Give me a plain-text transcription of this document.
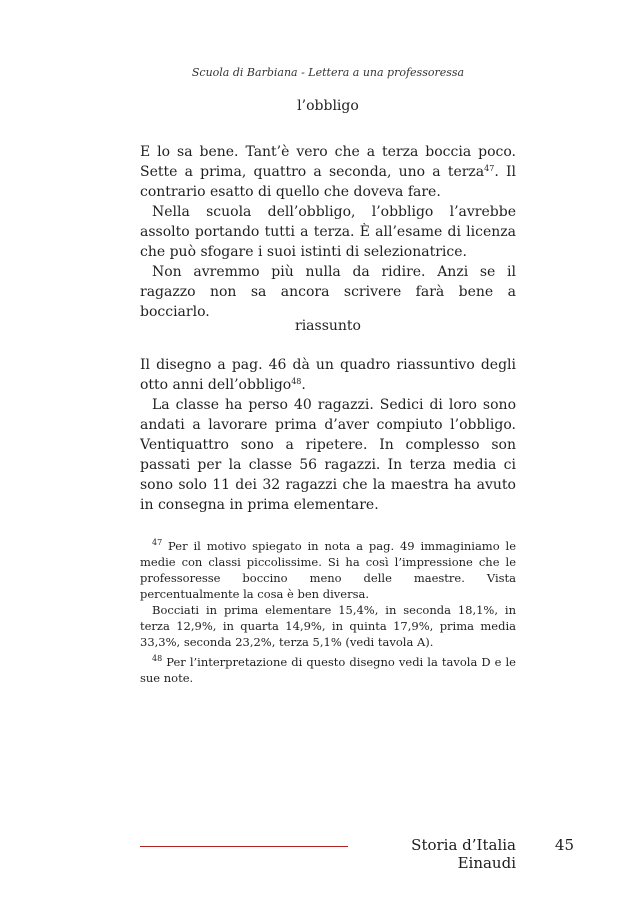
Scuola di Barbiana - Lettera a una professoressa
l’obbligo

E lo sa bene. Tant’è vero che a terza boccia poco. Sette a prima, quattro a seconda, uno a terza$^{47}$. Il contrario esatto di quello che doveva fare.

Nella scuola dell’obbligo, l’obbligo l’avrebbe assolto portando tutti a terza. È all’esame di licenza che può sfogare i suoi istinti di selezionatrice.

Non avremmo più nulla da ridire. Anzi se il ragazzo non sa ancora scrivere farà bene a bocciarlo.

riassunto

Il disegno a pag. 46 dà un quadro riassuntivo degli otto anni dell’obbligo$^{48}$.

La classe ha perso 40 ragazzi. Sedici di loro sono andati a lavorare prima d’aver compiuto l’obbligo. Ventiquattro sono a ripetere. In complesso son passati per la classe 56 ragazzi. In terza media ci sono solo 11 dei 32 ragazzi che la maestra ha avuto in consegna in prima elementare.

$^{47}$ Per il motivo spiegato in nota a pag. 49 immaginiamo le medie con classi piccolissime. Si ha così l’impressione che le professoresse boccino meno delle maestre. Vista percentualmente la cosa è ben diversa.

Bocciati in prima elementare 15,4%, in seconda 18,1%, in terza 12,9%, in quarta 14,9%, in quinta 17,9%, prima media 33,3%, seconda 23,2%, terza 5,1% (vedi tavola A).

$^{48}$ Per l’interpretazione di questo disegno vedi la tavola D e le sue note.

Storia d’Italia Einaudi
45
